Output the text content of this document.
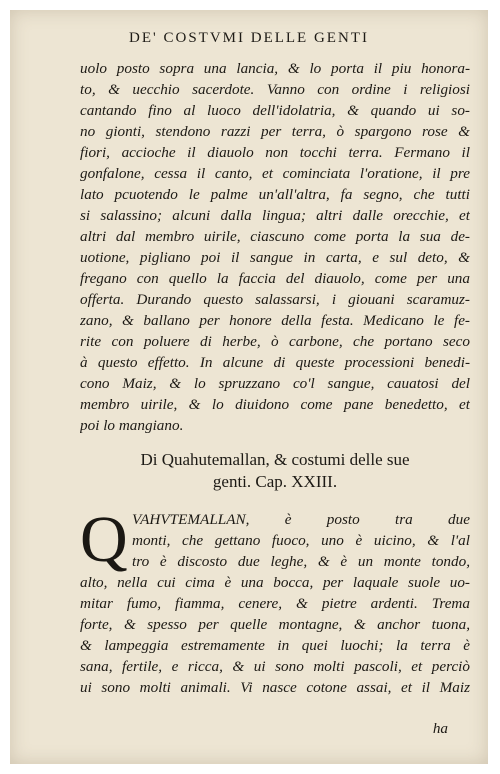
DE' COSTVMI DELLE GENTI
uolo posto sopra una lancia, & lo porta il piu honora-
to, & uecchio sacerdote. Vanno con ordine i religiosi
cantando fino al luoco dell'idolatria, & quando ui so-
no gionti, stendono razzi per terra, ò spargono rose &
fiori, accioche il diauolo non tocchi terra. Fermano il
gonfalone, cessa il canto, et cominciata l'oratione, il pre
lato pcuotendo le palme un'all'altra, fa segno, che tutti
si salassino; alcuni dalla lingua; altri dalle orecchie, et
altri dal membro uirile, ciascuno come porta la sua de-
uotione, pigliano poi il sangue in carta, e sul deto, &
fregano con quello la faccia del diauolo, come per una
offerta. Durando questo salassarsi, i giouani scaramuz-
zano, & ballano per honore della festa. Medicano le fe-
rite con poluere di herbe, ò carbone, che portano seco
à questo effetto. In alcune di queste processioni benedi-
cono Maiz, & lo spruzzano co'l sangue, cauatosi del
membro uirile, & lo diuidono come pane benedetto, et
poi lo mangiano.
Di Quahutemallan, & costumi delle sue
genti. Cap. XXIII.
Q VAHVTEMALLAN, è posto tra due
monti, che gettano fuoco, uno è uicino, & l'al
tro è discosto due leghe, & è un monte tondo,
alto, nella cui cima è una bocca, per laquale suole uo-
mitar fumo, fiamma, cenere, & pietre ardenti. Trema
forte, & spesso per quelle montagne, & anchor tuona,
& lampeggia estremamente in quei luochi; la terra è
sana, fertile, e ricca, & ui sono molti pascoli, et perciò
ui sono molti animali. Vi nasce cotone assai, et il Maiz
ha
